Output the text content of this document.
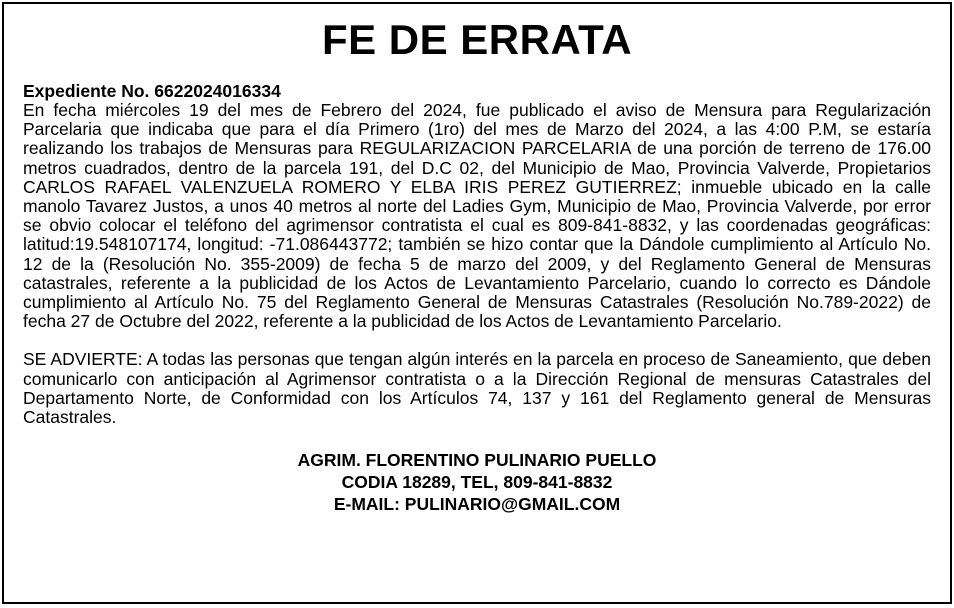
FE DE ERRATA

Expediente No. 6622024016334

En fecha miércoles 19 del mes de Febrero del 2024, fue publicado el aviso de Mensura para Regularización Parcelaria que indicaba que para el día Primero (1ro) del mes de Marzo del 2024, a las 4:00 P.M, se estaría realizando los trabajos de Mensuras para REGULARIZACION PARCELARIA de una porción de terreno de 176.00 metros cuadrados, dentro de la parcela 191, del D.C 02, del Municipio de Mao, Provincia Valverde, Propietarios CARLOS RAFAEL VALENZUELA ROMERO Y ELBA IRIS PEREZ GUTIERREZ; inmueble ubicado en la calle manolo Tavarez Justos, a unos 40 metros al norte del Ladies Gym, Municipio de Mao, Provincia Valverde, por error se obvio colocar el teléfono del agrimensor contratista el cual es 809-841-8832, y las coordenadas geográficas: latitud:19.548107174, longitud: -71.086443772; también se hizo contar que la Dándole cumplimiento al Artículo No. 12 de la (Resolución No. 355-2009) de fecha 5 de marzo del 2009, y del Reglamento General de Mensuras catastrales, referente a la publicidad de los Actos de Levantamiento Parcelario, cuando lo correcto es Dándole cumplimiento al Artículo No. 75 del Reglamento General de Mensuras Catastrales (Resolución No.789-2022) de fecha 27 de Octubre del 2022, referente a la publicidad de los Actos de Levantamiento Parcelario.

SE ADVIERTE: A todas las personas que tengan algún interés en la parcela en proceso de Saneamiento, que deben comunicarlo con anticipación al Agrimensor contratista o a la Dirección Regional de mensuras Catastrales del Departamento Norte, de Conformidad con los Artículos 74, 137 y 161 del Reglamento general de Mensuras Catastrales.

AGRIM. FLORENTINO PULINARIO PUELLO
CODIA 18289, TEL, 809-841-8832
E-MAIL: PULINARIO@GMAIL.COM
